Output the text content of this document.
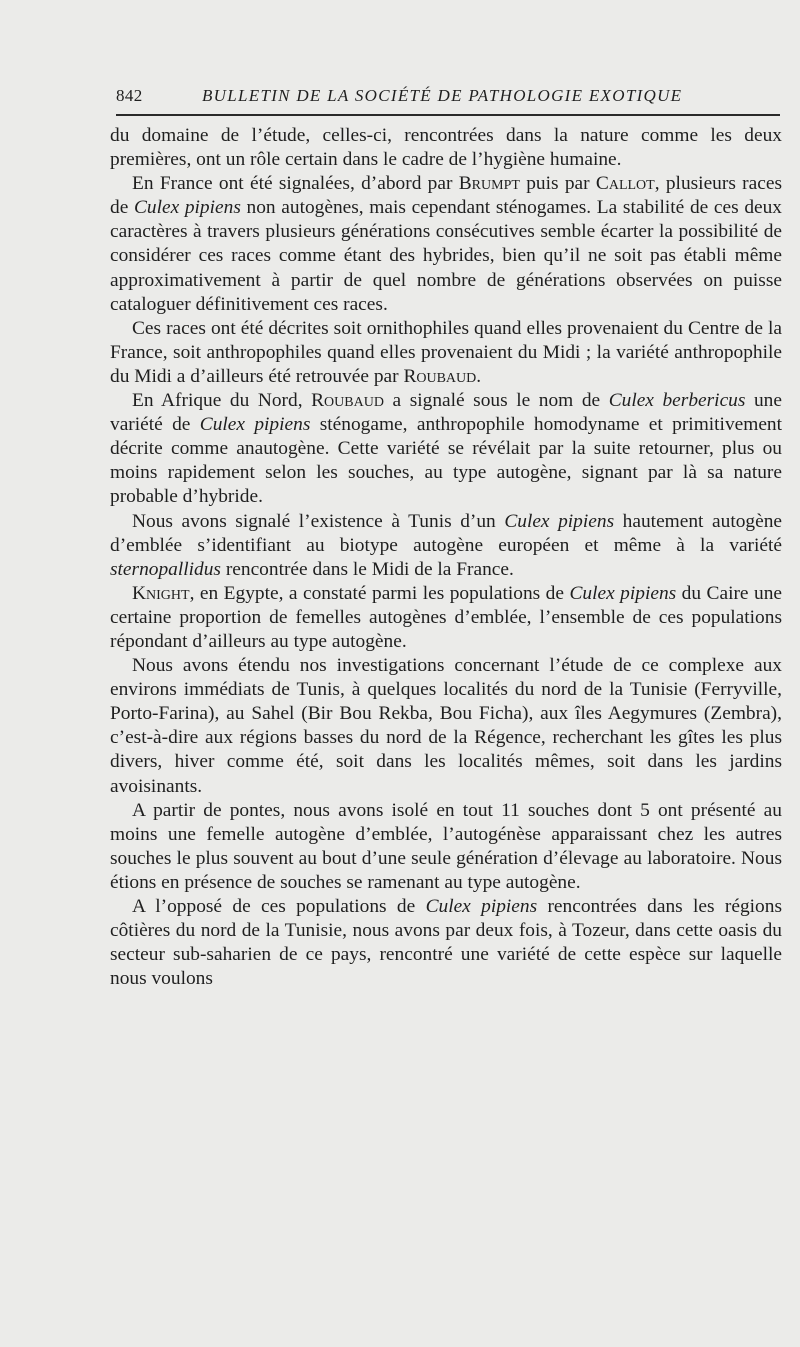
842	BULLETIN DE LA SOCIÉTÉ DE PATHOLOGIE EXOTIQUE

du domaine de l’étude, celles-ci, rencontrées dans la nature comme les deux premières, ont un rôle certain dans le cadre de l’hygiène humaine.

En France ont été signalées, d’abord par Brumpt puis par Callot, plusieurs races de Culex pipiens non autogènes, mais cependant sténogames. La stabilité de ces deux caractères à travers plusieurs générations consécutives semble écarter la possibilité de considérer ces races comme étant des hybrides, bien qu’il ne soit pas établi même approximativement à partir de quel nombre de générations observées on puisse cataloguer définitivement ces races.

Ces races ont été décrites soit ornithophiles quand elles provenaient du Centre de la France, soit anthropophiles quand elles provenaient du Midi ; la variété anthropophile du Midi a d’ailleurs été retrouvée par Roubaud.

En Afrique du Nord, Roubaud a signalé sous le nom de Culex berbericus une variété de Culex pipiens sténogame, anthropophile homodyname et primitivement décrite comme anautogène. Cette variété se révélait par la suite retourner, plus ou moins rapidement selon les souches, au type autogène, signant par là sa nature probable d’hybride.

Nous avons signalé l’existence à Tunis d’un Culex pipiens hautement autogène d’emblée s’identifiant au biotype autogène européen et même à la variété sternopallidus rencontrée dans le Midi de la France.

Knight, en Egypte, a constaté parmi les populations de Culex pipiens du Caire une certaine proportion de femelles autogènes d’emblée, l’ensemble de ces populations répondant d’ailleurs au type autogène.

Nous avons étendu nos investigations concernant l’étude de ce complexe aux environs immédiats de Tunis, à quelques localités du nord de la Tunisie (Ferryville, Porto-Farina), au Sahel (Bir Bou Rekba, Bou Ficha), aux îles Aegymures (Zembra), c’est-à-dire aux régions basses du nord de la Régence, recherchant les gîtes les plus divers, hiver comme été, soit dans les localités mêmes, soit dans les jardins avoisinants.

A partir de pontes, nous avons isolé en tout 11 souches dont 5 ont présenté au moins une femelle autogène d’emblée, l’autogénèse apparaissant chez les autres souches le plus souvent au bout d’une seule génération d’élevage au laboratoire. Nous étions en présence de souches se ramenant au type autogène.

A l’opposé de ces populations de Culex pipiens rencontrées dans les régions côtières du nord de la Tunisie, nous avons par deux fois, à Tozeur, dans cette oasis du secteur sub-saharien de ce pays, rencontré une variété de cette espèce sur laquelle nous voulons
